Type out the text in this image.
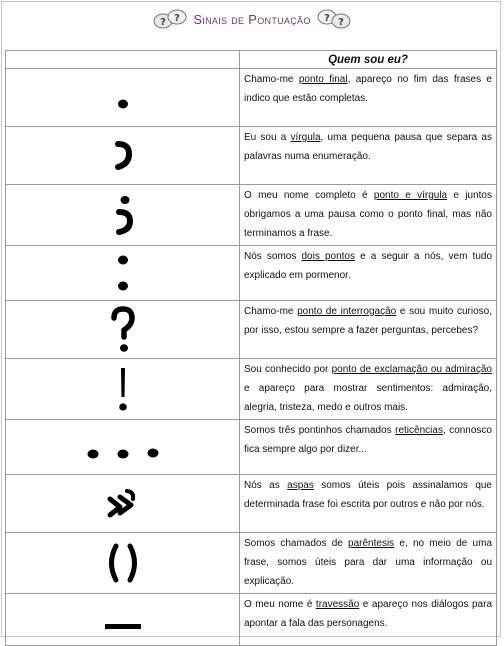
? ? Sinais de Pontuação ? ?
	Quem sou eu?

	Chamo-me ponto final, apareço no fim das frases e indico que estão completas.

	Eu sou a vírgula, uma pequena pausa que separa as palavras numa enumeração.

	O meu nome completo é ponto e vírgula e juntos obrigamos a uma pausa como o ponto final, mas não terminamos a frase.

	Nós somos dois pontos e a seguir a nós, vem tudo explicado em pormenor.

	Chamo-me ponto de interrogação e sou muito curioso, por isso, estou sempre a fazer perguntas, percebes?

	Sou conhecido por ponto de exclamação ou admiração e apareço para mostrar sentimentos: admiração, alegria, tristeza, medo e outros mais.

	Somos três pontinhos chamados reticências, connosco fica sempre algo por dizer...

	Nós as aspas somos úteis pois assinalamos que determinada frase foi escrita por outros e não por nós.

	Somos chamados de parêntesis e, no meio de uma frase, somos úteis para dar uma informação ou explicação.

	O meu nome é travessão e apareço nos diálogos para apontar a fala das personagens.
